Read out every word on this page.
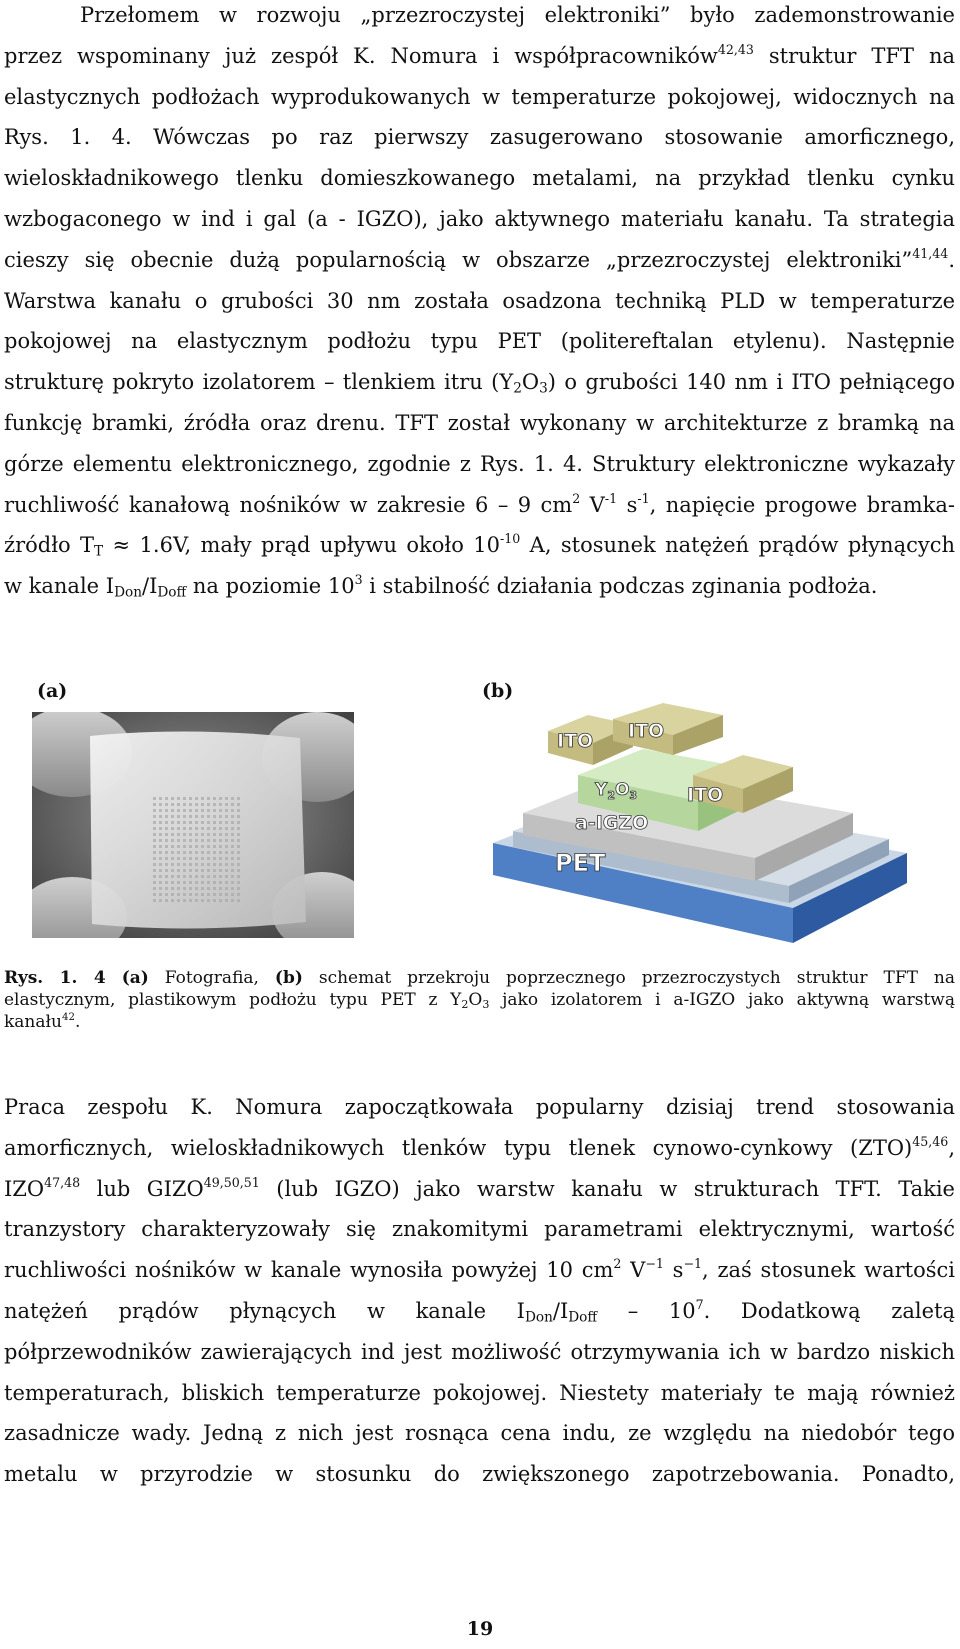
Przełomem w rozwoju „przezroczystej elektroniki” było zademonstrowanie
przez wspominany już zespół K. Nomura i współpracowników$^{42,43}$ struktur TFT na
elastycznych podłożach wyprodukowanych w temperaturze pokojowej, widocznych na
Rys. 1. 4. Wówczas po raz pierwszy zasugerowano stosowanie amorficznego,
wieloskładnikowego tlenku domieszkowanego metalami, na przykład tlenku cynku
wzbogaconego w ind i gal (a - IGZO), jako aktywnego materiału kanału. Ta strategia
cieszy się obecnie dużą popularnością w obszarze „przezroczystej elektroniki”$^{41,44}$.
Warstwa kanału o grubości 30 nm została osadzona techniką PLD w temperaturze
pokojowej na elastycznym podłożu typu PET (politereftalan etylenu). Następnie
strukturę pokryto izolatorem – tlenkiem itru $(Y_2O_3)$ o grubości 140 nm i ITO pełniącego
funkcję bramki, źródła oraz drenu. TFT został wykonany w architekturze z bramką na
górze elementu elektronicznego, zgodnie z Rys. 1. 4. Struktury elektroniczne wykazały
ruchliwość kanałową nośników w zakresie 6 – 9 $cm^2$ $V^{-1}$ $s^{-1}$, napięcie progowe bramka-
źródło $T_T \approx 1.6V$, mały prąd upływu około $10^{-10}$ A, stosunek natężeń prądów płynących
w kanale $I_{Don}/I_{Doff}$ na poziomie $10^3$ i stabilność działania podczas zginania podłoża.
(a)	(b)
ITO ITO
ITO
a-IGZO
PET
$Y_2O_3$
Rys. 1. 4 (a) Fotografia, (b) schemat przekroju poprzecznego przezroczystych struktur TFT na
elastycznym, plastikowym podłożu typu PET z $Y_2O_3$ jako izolatorem i a-IGZO jako aktywną warstwą
kanału$^{42}$.
Praca zespołu K. Nomura zapoczątkowała popularny dzisiaj trend stosowania
amorficznych, wieloskładnikowych tlenków typu tlenek cynowo-cynkowy (ZTO)$^{45,46}$,
IZO$^{47,48}$ lub GIZO$^{49,50,51}$ (lub IGZO) jako warstw kanału w strukturach TFT. Takie
tranzystory charakteryzowały się znakomitymi parametrami elektrycznymi, wartość
ruchliwości nośników w kanale wynosiła powyżej 10 $cm^2$ $V^{-1}$ $s^{-1}$, zaś stosunek wartości
natężeń prądów płynących w kanale $I_{Don}/I_{Doff} - 10^7$. Dodatkową zaletą
półprzewodników zawierających ind jest możliwość otrzymywania ich w bardzo niskich
temperaturach, bliskich temperaturze pokojowej. Niestety materiały te mają również
zasadnicze wady. Jedną z nich jest rosnąca cena indu, ze względu na niedobór tego
metalu w przyrodzie w stosunku do zwiększonego zapotrzebowania. Ponadto,
19
